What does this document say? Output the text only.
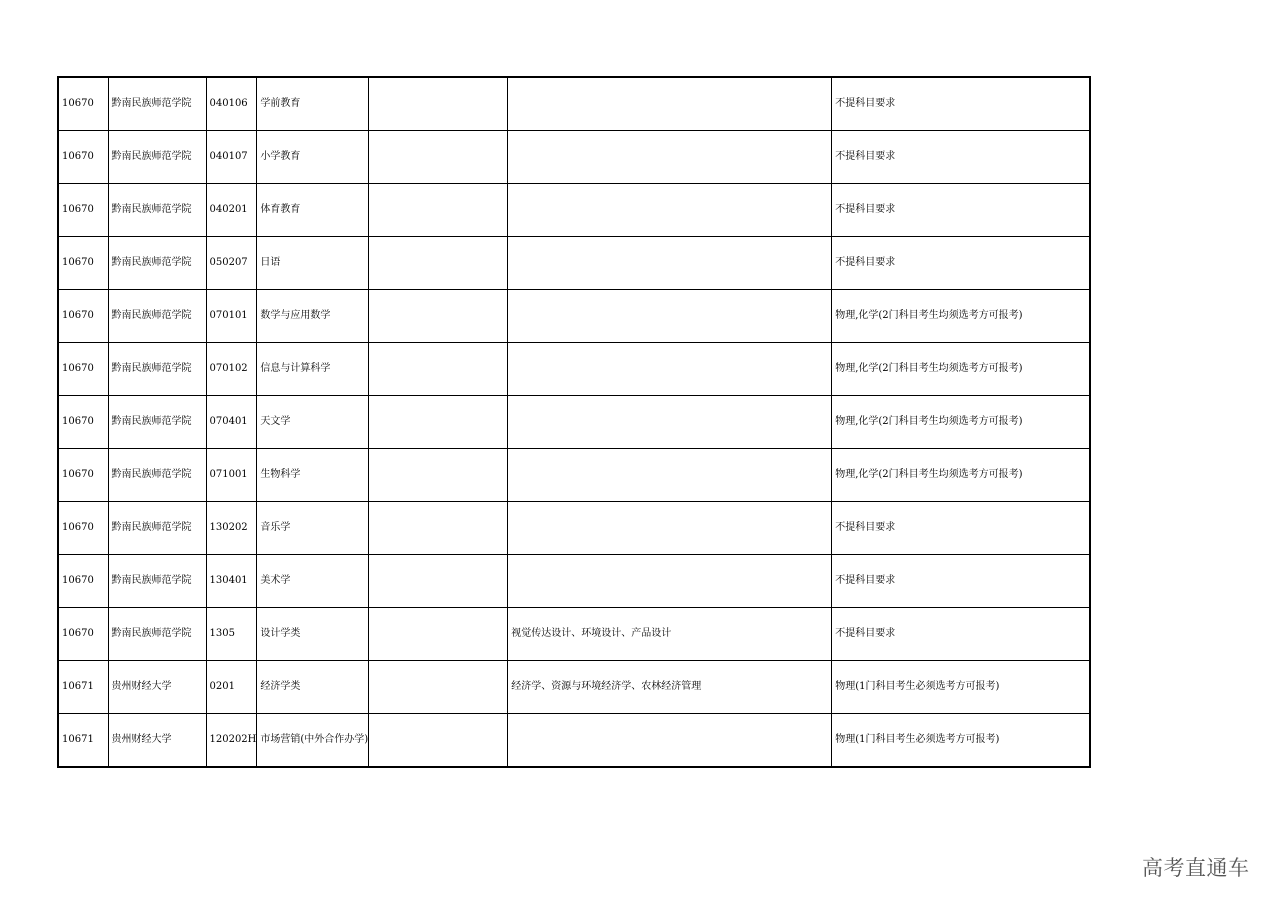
10670	黔南民族师范学院	040106	学前教育			不提科目要求
10670	黔南民族师范学院	040107	小学教育			不提科目要求
10670	黔南民族师范学院	040201	体育教育			不提科目要求
10670	黔南民族师范学院	050207	日语			不提科目要求
10670	黔南民族师范学院	070101	数学与应用数学			物理,化学(2门科目考生均须选考方可报考)
10670	黔南民族师范学院	070102	信息与计算科学			物理,化学(2门科目考生均须选考方可报考)
10670	黔南民族师范学院	070401	天文学			物理,化学(2门科目考生均须选考方可报考)
10670	黔南民族师范学院	071001	生物科学			物理,化学(2门科目考生均须选考方可报考)
10670	黔南民族师范学院	130202	音乐学			不提科目要求
10670	黔南民族师范学院	130401	美术学			不提科目要求
10670	黔南民族师范学院	1305	设计学类		视觉传达设计、环境设计、产品设计	不提科目要求
10671	贵州财经大学	0201	经济学类		经济学、资源与环境经济学、农林经济管理	物理(1门科目考生必须选考方可报考)
10671	贵州财经大学	120202H	市场营销(中外合作办学)			物理(1门科目考生必须选考方可报考)
高考直通车
